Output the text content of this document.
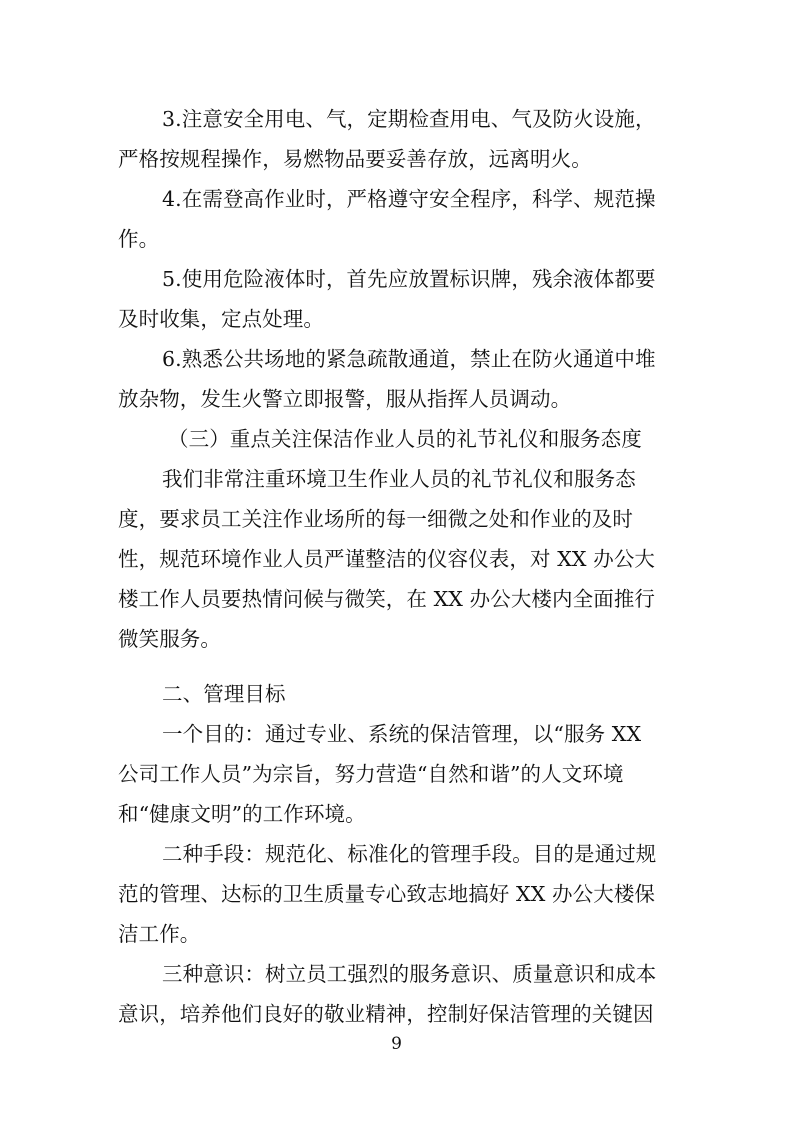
3.注意安全用电、气，定期检查用电、气及防火设施，
严格按规程操作，易燃物品要妥善存放，远离明火。
4.在需登高作业时，严格遵守安全程序，科学、规范操
作。
5.使用危险液体时，首先应放置标识牌，残余液体都要
及时收集，定点处理。
6.熟悉公共场地的紧急疏散通道，禁止在防火通道中堆
放杂物，发生火警立即报警，服从指挥人员调动。
（三）重点关注保洁作业人员的礼节礼仪和服务态度
我们非常注重环境卫生作业人员的礼节礼仪和服务态
度，要求员工关注作业场所的每一细微之处和作业的及时
性，规范环境作业人员严谨整洁的仪容仪表，对 XX 办公大
楼工作人员要热情问候与微笑，在 XX 办公大楼内全面推行
微笑服务。
二、管理目标
一个目的：通过专业、系统的保洁管理，以“服务 XX
公司工作人员”为宗旨，努力营造“自然和谐”的人文环境
和“健康文明”的工作环境。
二种手段：规范化、标准化的管理手段。目的是通过规
范的管理、达标的卫生质量专心致志地搞好 XX 办公大楼保
洁工作。
三种意识：树立员工强烈的服务意识、质量意识和成本
意识，培养他们良好的敬业精神，控制好保洁管理的关键因
9
